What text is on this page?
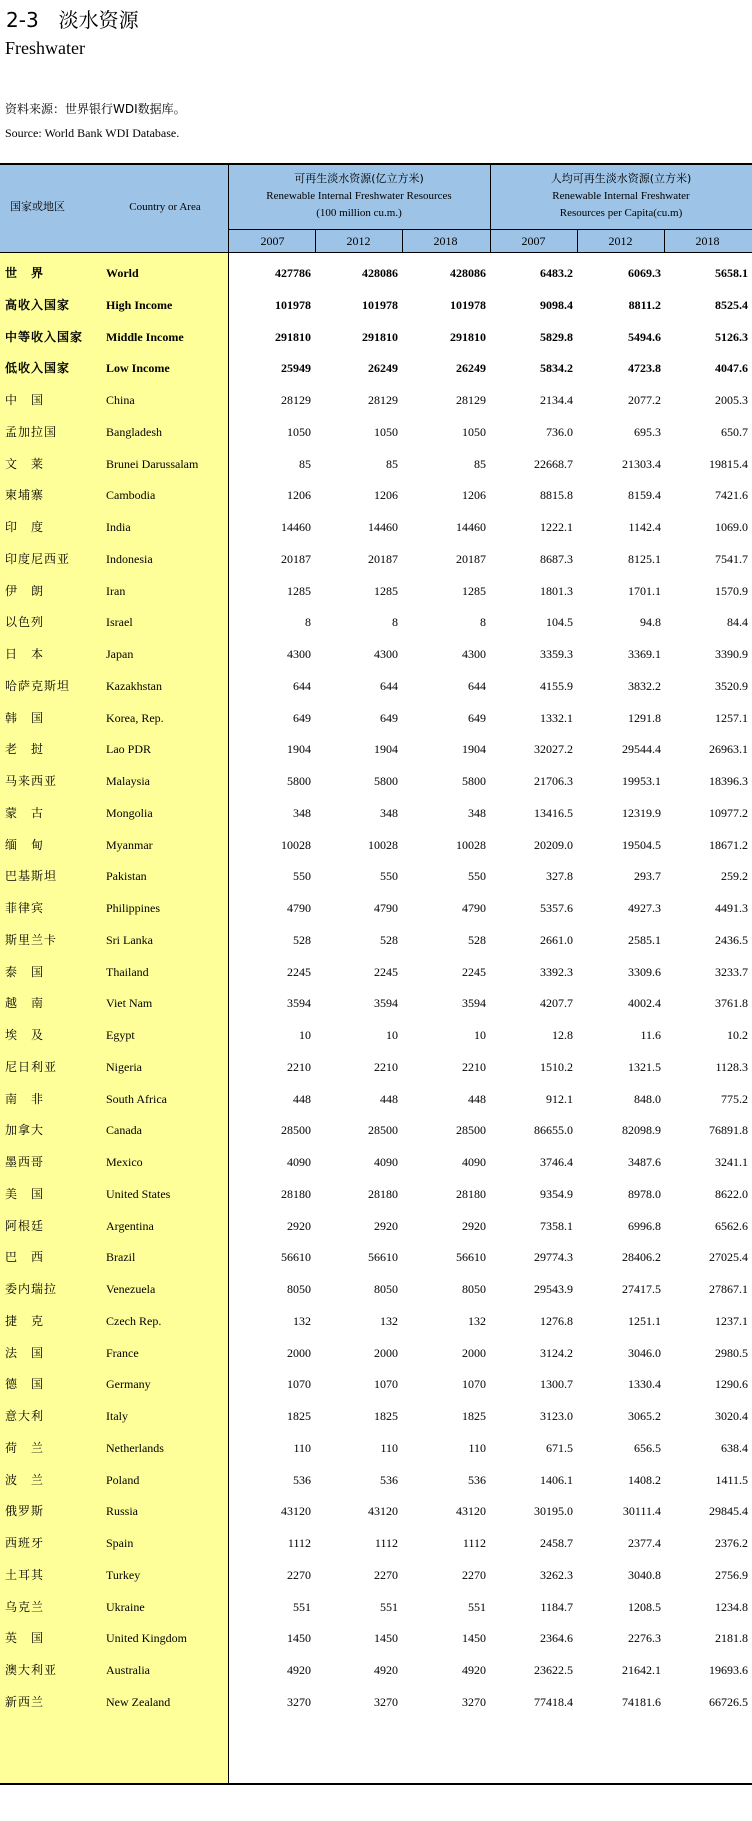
2-3　淡水资源
Freshwater
资料来源：世界银行WDI数据库。
Source: World Bank WDI Database.
国家或地区	Country or Area
可再生淡水资源(亿立方米)
Renewable Internal Freshwater Resources
(100 million cu.m.)
人均可再生淡水资源(立方米)
Renewable Internal Freshwater
Resources per Capita(cu.m)
2007	2012	2018	2007	2012	2018
世　界	World	427786	428086	428086	6483.2	6069.3	5658.1
高收入国家	High Income	101978	101978	101978	9098.4	8811.2	8525.4
中等收入国家 Middle Income	291810	291810	291810	5829.8	5494.6	5126.3
低收入国家	Low Income	25949	26249	26249	5834.2	4723.8	4047.6
中　国	China	28129	28129	28129	2134.4	2077.2	2005.3
孟加拉国	Bangladesh	1050	1050	1050	736.0	695.3	650.7
文　莱	Brunei Darussalam	85	85	85	22668.7	21303.4	19815.4
柬埔寨	Cambodia	1206	1206	1206	8815.8	8159.4	7421.6
印　度	India	14460	14460	14460	1222.1	1142.4	1069.0
印度尼西亚	Indonesia	20187	20187	20187	8687.3	8125.1	7541.7
伊　朗	Iran	1285	1285	1285	1801.3	1701.1	1570.9
以色列	Israel	8	8	8	104.5	94.8	84.4
日　本	Japan	4300	4300	4300	3359.3	3369.1	3390.9
哈萨克斯坦	Kazakhstan	644	644	644	4155.9	3832.2	3520.9
韩　国	Korea, Rep.	649	649	649	1332.1	1291.8	1257.1
老　挝	Lao PDR	1904	1904	1904	32027.2	29544.4	26963.1
马来西亚	Malaysia	5800	5800	5800	21706.3	19953.1	18396.3
蒙　古	Mongolia	348	348	348	13416.5	12319.9	10977.2
缅　甸	Myanmar	10028	10028	10028	20209.0	19504.5	18671.2
巴基斯坦	Pakistan	550	550	550	327.8	293.7	259.2
菲律宾	Philippines	4790	4790	4790	5357.6	4927.3	4491.3
斯里兰卡	Sri Lanka	528	528	528	2661.0	2585.1	2436.5
泰　国	Thailand	2245	2245	2245	3392.3	3309.6	3233.7
越　南	Viet Nam	3594	3594	3594	4207.7	4002.4	3761.8
埃　及	Egypt	10	10	10	12.8	11.6	10.2
尼日利亚	Nigeria	2210	2210	2210	1510.2	1321.5	1128.3
南　非	South Africa	448	448	448	912.1	848.0	775.2
加拿大	Canada	28500	28500	28500	86655.0	82098.9	76891.8
墨西哥	Mexico	4090	4090	4090	3746.4	3487.6	3241.1
美　国	United States	28180	28180	28180	9354.9	8978.0	8622.0
阿根廷	Argentina	2920	2920	2920	7358.1	6996.8	6562.6
巴　西	Brazil	56610	56610	56610	29774.3	28406.2	27025.4
委内瑞拉	Venezuela	8050	8050	8050	29543.9	27417.5	27867.1
捷　克	Czech Rep.	132	132	132	1276.8	1251.1	1237.1
法　国	France	2000	2000	2000	3124.2	3046.0	2980.5
德　国	Germany	1070	1070	1070	1300.7	1330.4	1290.6
意大利	Italy	1825	1825	1825	3123.0	3065.2	3020.4
荷　兰	Netherlands	110	110	110	671.5	656.5	638.4
波　兰	Poland	536	536	536	1406.1	1408.2	1411.5
俄罗斯	Russia	43120	43120	43120	30195.0	30111.4	29845.4
西班牙	Spain	1112	1112	1112	2458.7	2377.4	2376.2
土耳其	Turkey	2270	2270	2270	3262.3	3040.8	2756.9
乌克兰	Ukraine	551	551	551	1184.7	1208.5	1234.8
英　国	United Kingdom	1450	1450	1450	2364.6	2276.3	2181.8
澳大利亚	Australia	4920	4920	4920	23622.5	21642.1	19693.6
新西兰	New Zealand	3270	3270	3270	77418.4	74181.6	66726.5
